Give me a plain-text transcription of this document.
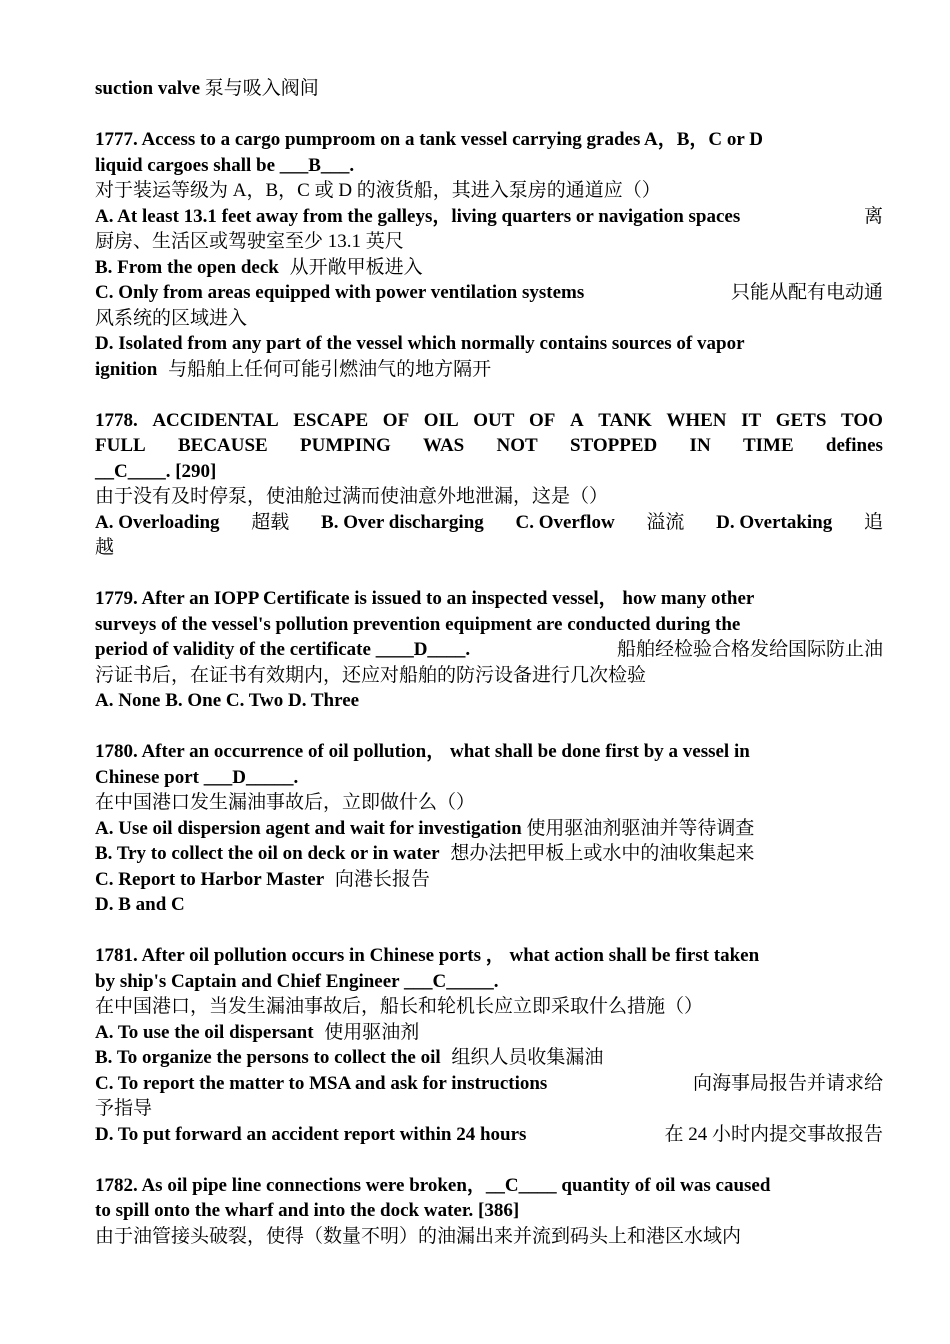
suction valve 泵与吸入阀间
1777. Access to a cargo pumproom on a tank vessel carrying grades A，B，C or D
liquid cargoes shall be ___B___.
对于装运等级为 A，B，C 或 D 的液货船，其进入泵房的通道应（）
A. At least 13.1 feet away from the galleys，living quarters or navigation spaces	离
厨房、生活区或驾驶室至少 13.1 英尺
B. From the open deck 从开敞甲板进入
C. Only from areas equipped with power ventilation systems	只能从配有电动通
风系统的区域进入
D. Isolated from any part of the vessel which normally contains sources of vapor
ignition 与船舶上任何可能引燃油气的地方隔开
1778. ACCIDENTAL ESCAPE OF OIL OUT OF A TANK WHEN IT GETS TOO
FULL BECAUSE PUMPING WAS NOT STOPPED IN TIME defines
__C____. [290]
由于没有及时停泵，使油舱过满而使油意外地泄漏，这是（）
A. Overloading 超载 B. Over discharging C. Overflow 溢流 D. Overtaking 追
越
1779. After an IOPP Certificate is issued to an inspected vessel， how many other
surveys of the vessel's pollution prevention equipment are conducted during the
period of validity of the certificate ____D____.	船舶经检验合格发给国际防止油
污证书后，在证书有效期内，还应对船舶的防污设备进行几次检验
A. None B. One C. Two D. Three
1780. After an occurrence of oil pollution， what shall be done first by a vessel in
Chinese port ___D_____.
在中国港口发生漏油事故后，立即做什么（）
A. Use oil dispersion agent and wait for investigation 使用驱油剂驱油并等待调查
B. Try to collect the oil on deck or in water 想办法把甲板上或水中的油收集起来
C. Report to Harbor Master 向港长报告
D. B and C
1781. After oil pollution occurs in Chinese ports ， what action shall be first taken
by ship's Captain and Chief Engineer ___C_____.
在中国港口，当发生漏油事故后，船长和轮机长应立即采取什么措施（）
A. To use the oil dispersant 使用驱油剂
B. To organize the persons to collect the oil 组织人员收集漏油
C. To report the matter to MSA and ask for instructions	向海事局报告并请求给
予指导
D. To put forward an accident report within 24 hours	在 24 小时内提交事故报告
1782. As oil pipe line connections were broken，__C____ quantity of oil was caused
to spill onto the wharf and into the dock water. [386]
由于油管接头破裂，使得（数量不明）的油漏出来并流到码头上和港区水域内
